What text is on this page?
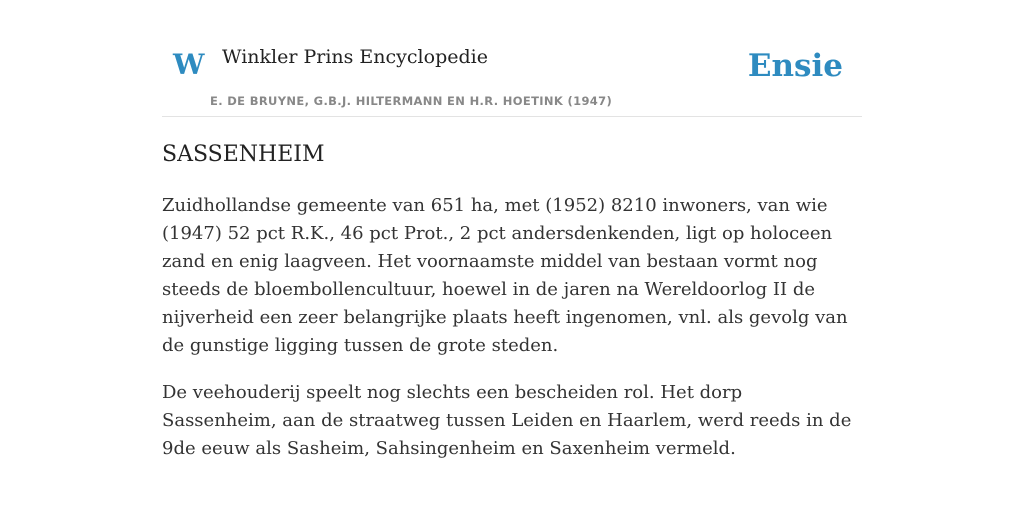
W Winkler Prins Encyclopedie
E. DE BRUYNE, G.B.J. HILTERMANN EN H.R. HOETINK (1947)
Ensie
SASSENHEIM

Zuidhollandse gemeente van 651 ha, met (1952) 8210 inwoners, van wie (1947) 52 pct R.K., 46 pct Prot., 2 pct andersdenkenden, ligt op holoceen zand en enig laagveen. Het voornaamste middel van bestaan vormt nog steeds de bloembollencultuur, hoewel in de jaren na Wereldoorlog II de nijverheid een zeer belangrijke plaats heeft ingenomen, vnl. als gevolg van de gunstige ligging tussen de grote steden.

De veehouderij speelt nog slechts een bescheiden rol. Het dorp Sassenheim, aan de straatweg tussen Leiden en Haarlem, werd reeds in de 9de eeuw als Sasheim, Sahsingenheim en Saxenheim vermeld.
